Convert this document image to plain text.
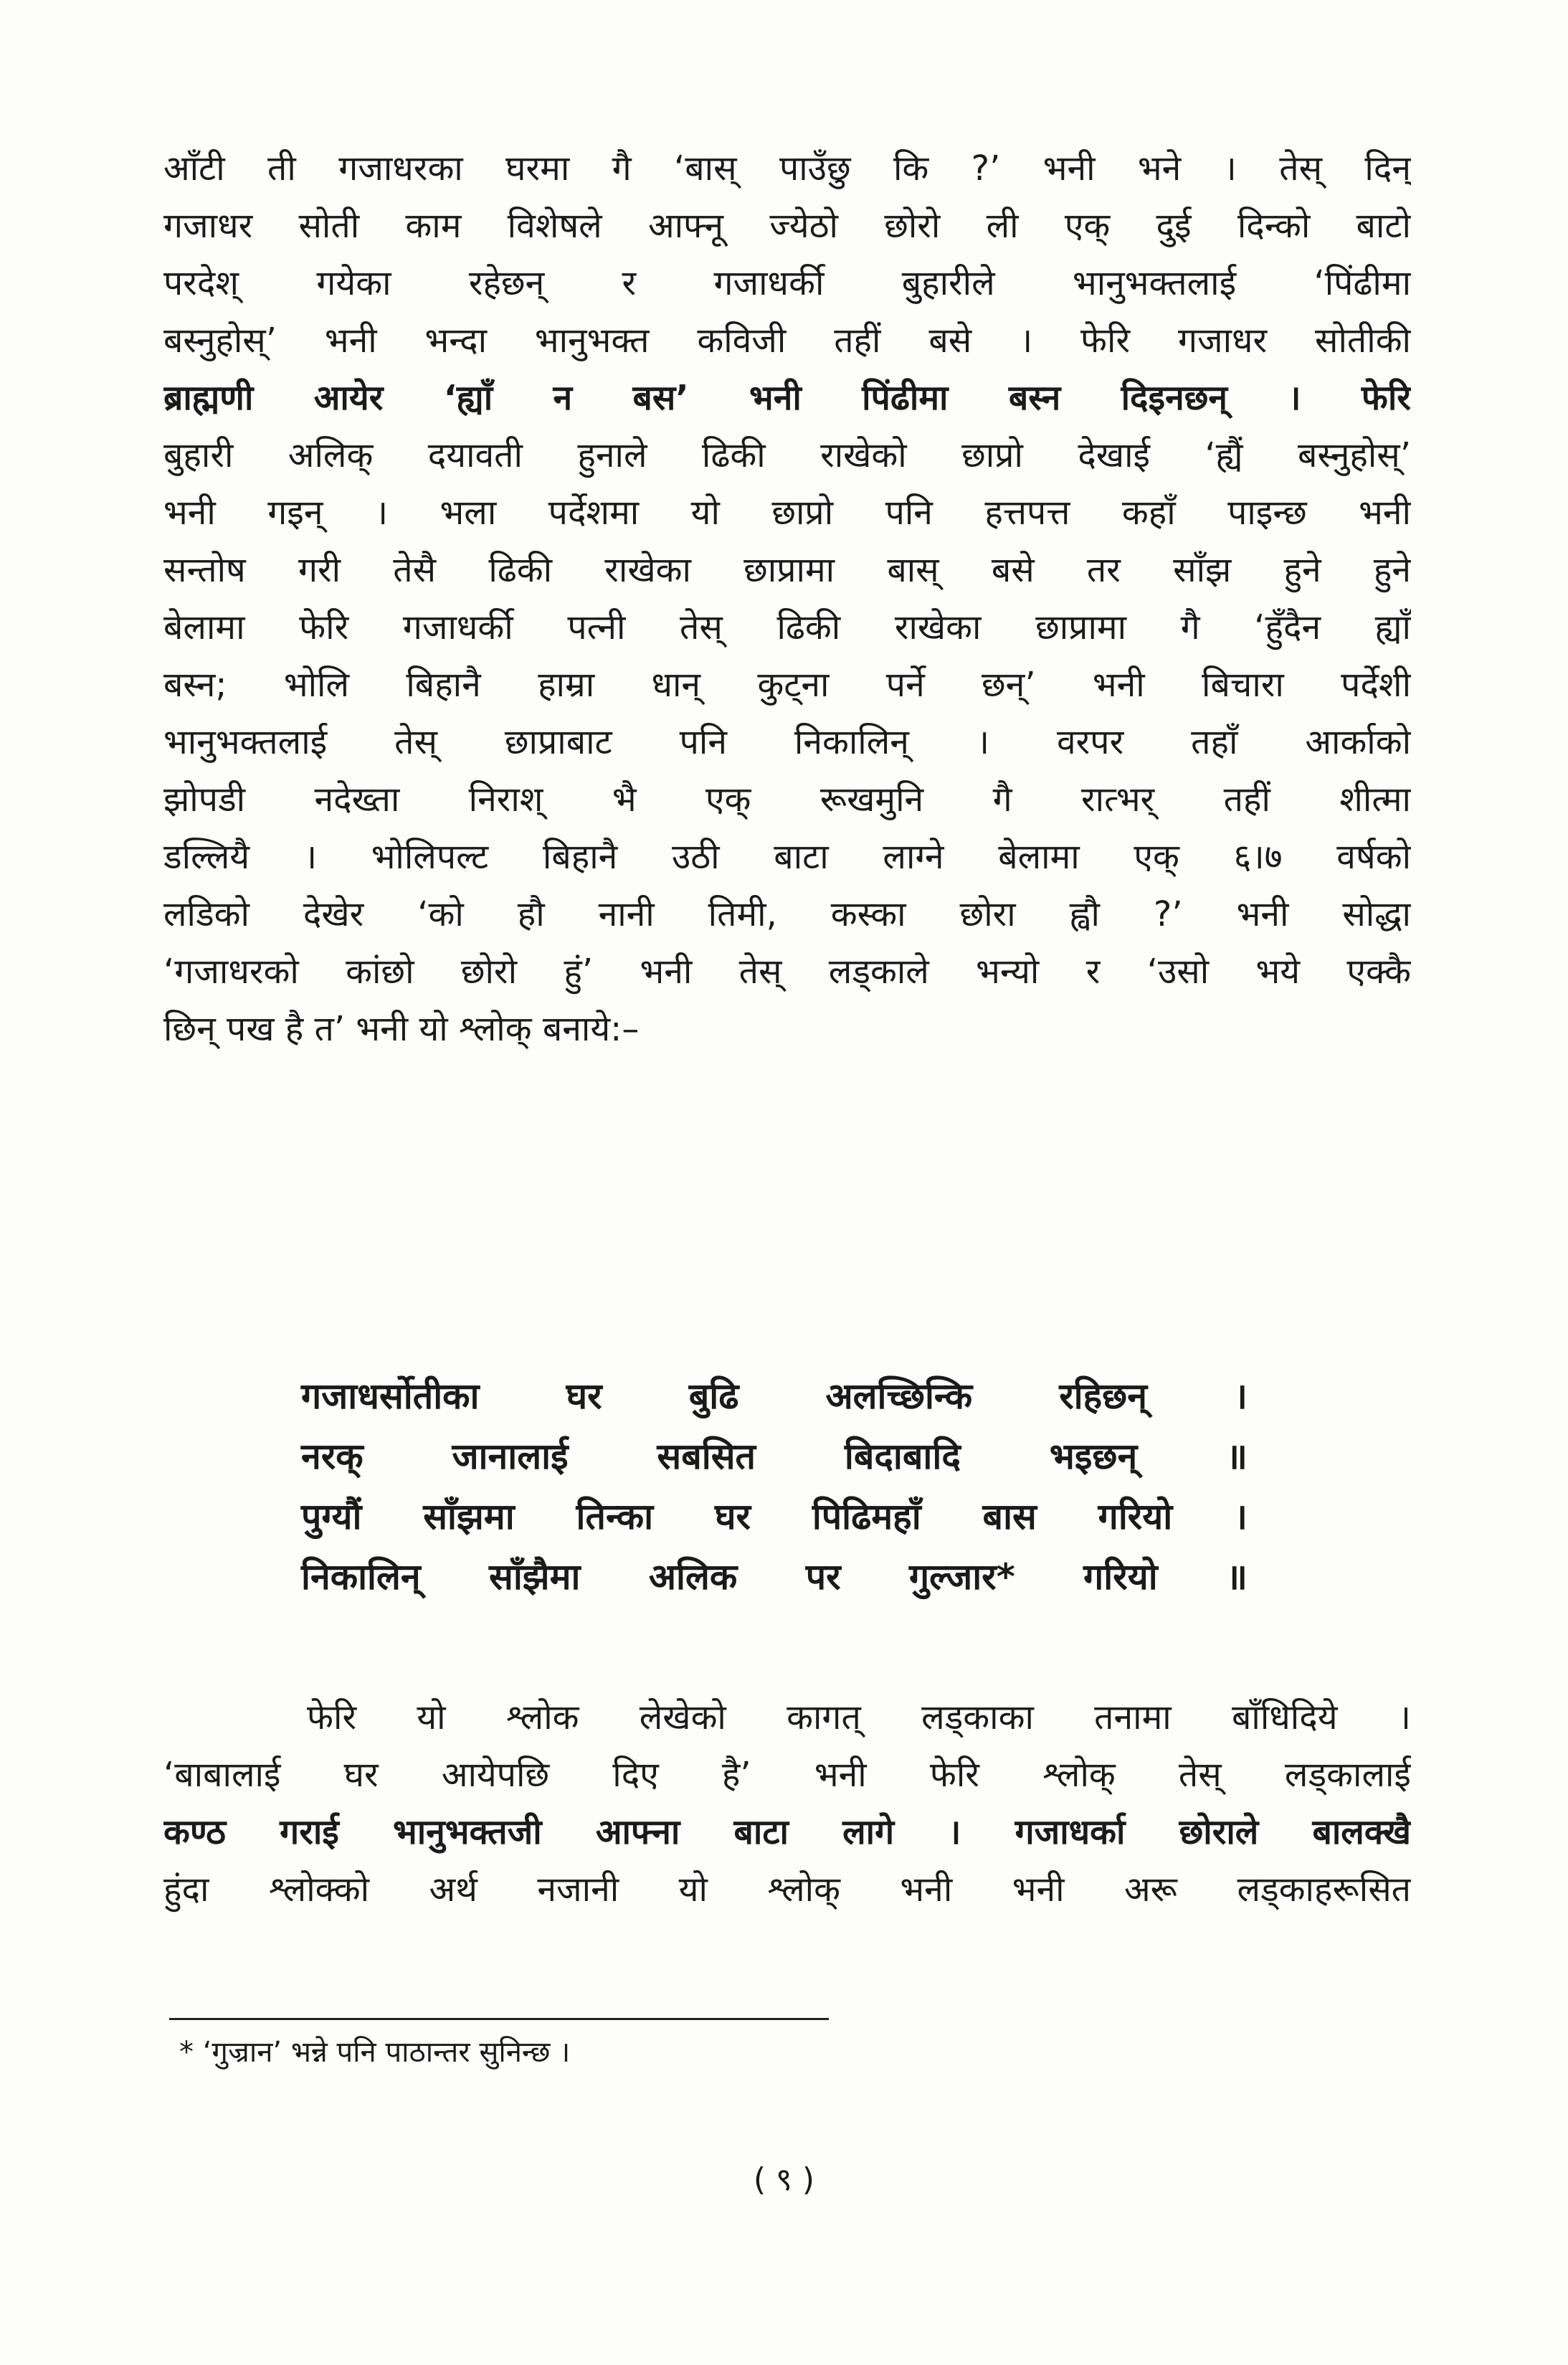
आँटी ती गजाधरका घरमा गै ‘बास् पाउँछु कि ?’ भनी भने । तेस् दिन्
गजाधर सोती काम विशेषले आफ्नू ज्येठो छोरो ली एक् दुई दिन्को बाटो
परदेश् गयेका रहेछन् र गजाधर्की बुहारीले भानुभक्तलाई ‘पिंढीमा
बस्नुहोस्’ भनी भन्दा भानुभक्त कविजी तहीं बसे । फेरि गजाधर सोतीकी
ब्राह्मणी आयेर ‘ह्याँ न बस’ भनी पिंढीमा बस्न दिइनछन् । फेरि
बुहारी अलिक् दयावती हुनाले ढिकी राखेको छाप्रो देखाई ‘ह्यैं बस्नुहोस्’
भनी गइन् । भला पर्देशमा यो छाप्रो पनि हत्तपत्त कहाँ पाइन्छ भनी
सन्तोष गरी तेसै ढिकी राखेका छाप्रामा बास् बसे तर साँझ हुने हुने
बेलामा फेरि गजाधर्की पत्नी तेस् ढिकी राखेका छाप्रामा गै ‘हुँदैन ह्याँ
बस्न; भोलि बिहानै हाम्रा धान् कुट्ना पर्ने छन्’ भनी बिचारा पर्देशी
भानुभक्तलाई तेस् छाप्राबाट पनि निकालिन् । वरपर तहाँ आर्काको
झोपडी नदेख्ता निराश् भै एक् रूखमुनि गै रात्भर् तहीं शीत्मा
डल्लियै । भोलिपल्ट बिहानै उठी बाटा लाग्ने बेलामा एक् ६।७ वर्षको
लडिको देखेर ‘को हौ नानी तिमी, कस्का छोरा ह्वौ ?’ भनी सोद्धा
‘गजाधरको कांछो छोरो हुं’ भनी तेस् लड्काले भन्यो र ‘उसो भये एक्कै
छिन् पख है त’ भनी यो श्लोक् बनाये:–
गजाधर्सोतीका घर बुढि अलच्छिन्कि रहिछन् ।
नरक् जानालाई सबसित बिदाबादि भइछन् ॥
पुग्यौं साँझमा तिन्का घर पिढिमहाँ बास गरियो ।
निकालिन् साँझैमा अलिक पर गुल्जार* गरियो ॥
फेरि यो श्लोक लेखेको कागत् लड्काका तनामा बाँधिदिये ।
‘बाबालाई घर आयेपछि दिए है’ भनी फेरि श्लोक् तेस् लड्कालाई
कण्ठ गराई भानुभक्तजी आफ्ना बाटा लागे । गजाधर्का छोराले बालक्खै
हुंदा श्लोक्को अर्थ नजानी यो श्लोक् भनी भनी अरू लड्काहरूसित
* ‘गुज्रान’ भन्ने पनि पाठान्तर सुनिन्छ ।
( ९ )
